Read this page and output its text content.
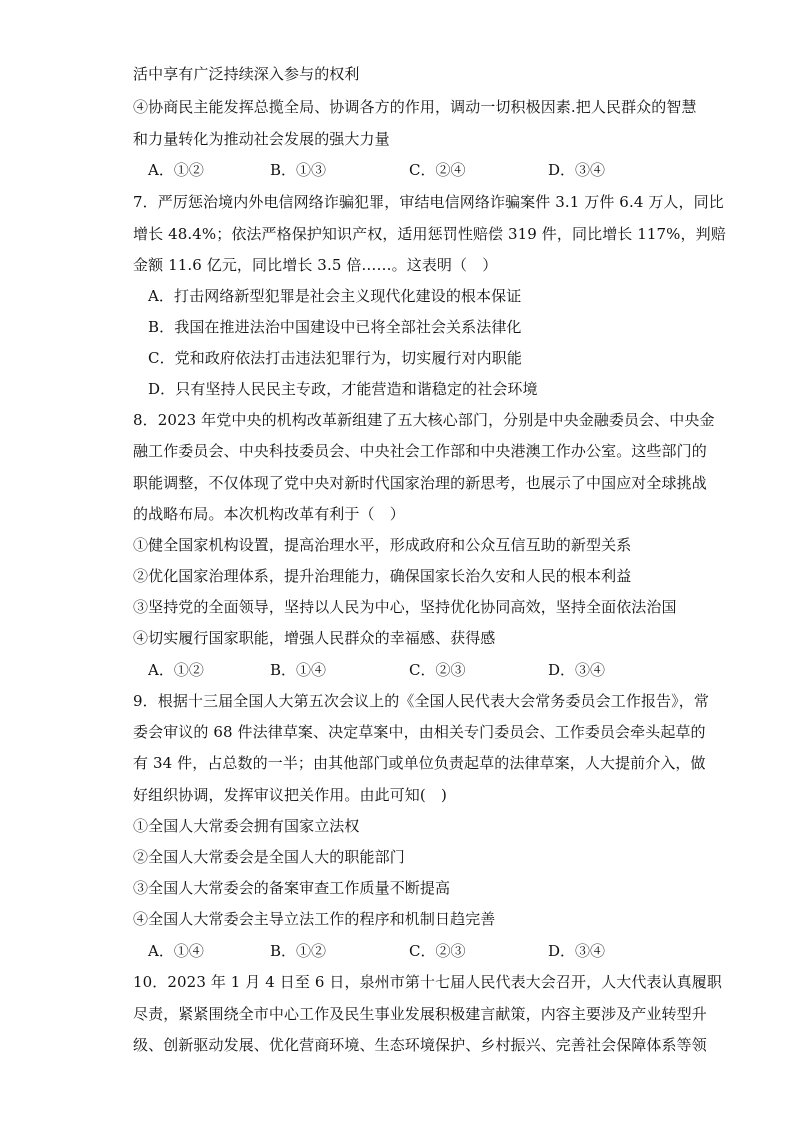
活中享有广泛持续深入参与的权利
④协商民主能发挥总揽全局、协调各方的作用，调动一切积极因素.把人民群众的智慧
和力量转化为推动社会发展的强大力量
A．①②	B．①③	C．②④	D．③④
7．严厉惩治境内外电信网络诈骗犯罪，审结电信网络诈骗案件 3.1 万件 6.4 万人，同比
增长 48.4%；依法严格保护知识产权，适用惩罚性赔偿 319 件，同比增长 117%，判赔
金额 11.6 亿元，同比增长 3.5 倍……。这表明（　）
A．打击网络新型犯罪是社会主义现代化建设的根本保证
B．我国在推进法治中国建设中已将全部社会关系法律化
C．党和政府依法打击违法犯罪行为，切实履行对内职能
D．只有坚持人民民主专政，才能营造和谐稳定的社会环境
8．2023 年党中央的机构改革新组建了五大核心部门，分别是中央金融委员会、中央金
融工作委员会、中央科技委员会、中央社会工作部和中央港澳工作办公室。这些部门的
职能调整，不仅体现了党中央对新时代国家治理的新思考，也展示了中国应对全球挑战
的战略布局。本次机构改革有利于（　）
①健全国家机构设置，提高治理水平，形成政府和公众互信互助的新型关系
②优化国家治理体系，提升治理能力，确保国家长治久安和人民的根本利益
③坚持党的全面领导，坚持以人民为中心，坚持优化协同高效，坚持全面依法治国
④切实履行国家职能，增强人民群众的幸福感、获得感
A．①②	B．①④	C．②③	D．③④
9．根据十三届全国人大第五次会议上的《全国人民代表大会常务委员会工作报告》，常
委会审议的 68 件法律草案、决定草案中，由相关专门委员会、工作委员会牵头起草的
有 34 件，占总数的一半；由其他部门或单位负责起草的法律草案，人大提前介入，做
好组织协调，发挥审议把关作用。由此可知(　)
①全国人大常委会拥有国家立法权
②全国人大常委会是全国人大的职能部门
③全国人大常委会的备案审查工作质量不断提高
④全国人大常委会主导立法工作的程序和机制日趋完善
A．①④	B．①②	C．②③	D．③④
10．2023 年 1 月 4 日至 6 日，泉州市第十七届人民代表大会召开，人大代表认真履职
尽责，紧紧围绕全市中心工作及民生事业发展积极建言献策，内容主要涉及产业转型升
级、创新驱动发展、优化营商环境、生态环境保护、乡村振兴、完善社会保障体系等领
